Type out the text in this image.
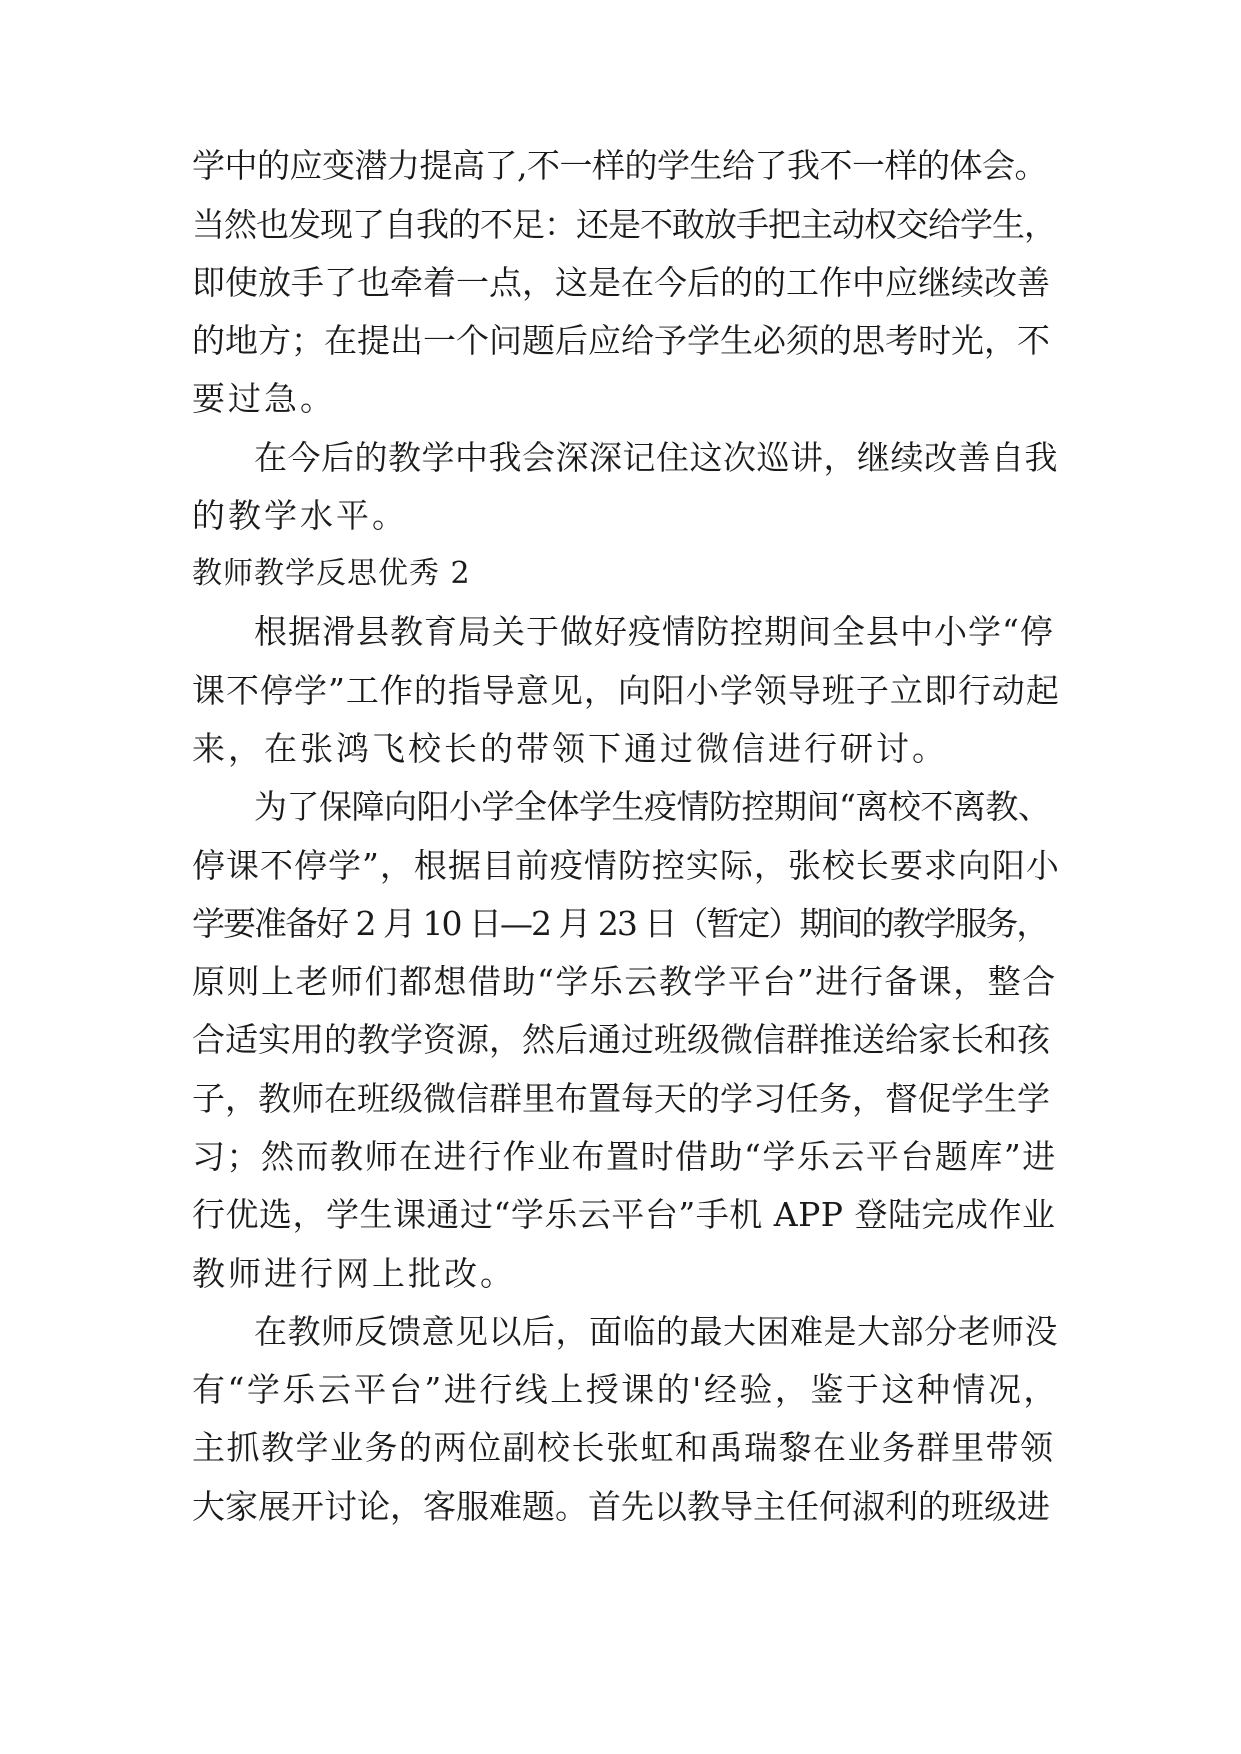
学中的应变潜力提高了,不一样的学生给了我不一样的体会。
当然也发现了自我的不足：还是不敢放手把主动权交给学生，
即使放手了也牵着一点，这是在今后的的工作中应继续改善
的地方；在提出一个问题后应给予学生必须的思考时光，不
要过急。
在今后的教学中我会深深记住这次巡讲，继续改善自我
的教学水平。
教师教学反思优秀 2
根据滑县教育局关于做好疫情防控期间全县中小学“停
课不停学”工作的指导意见，向阳小学领导班子立即行动起
来，在张鸿飞校长的带领下通过微信进行研讨。
为了保障向阳小学全体学生疫情防控期间“离校不离教、
停课不停学”，根据目前疫情防控实际，张校长要求向阳小
学要准备好 2 月 10 日—2 月 23 日（暂定）期间的教学服务，
原则上老师们都想借助“学乐云教学平台”进行备课，整合
合适实用的教学资源，然后通过班级微信群推送给家长和孩
子，教师在班级微信群里布置每天的学习任务，督促学生学
习；然而教师在进行作业布置时借助“学乐云平台题库”进
行优选，学生课通过“学乐云平台”手机 APP 登陆完成作业
教师进行网上批改。
在教师反馈意见以后，面临的最大困难是大部分老师没
有“学乐云平台”进行线上授课的'经验，鉴于这种情况，
主抓教学业务的两位副校长张虹和禹瑞黎在业务群里带领
大家展开讨论，客服难题。首先以教导主任何淑利的班级进
